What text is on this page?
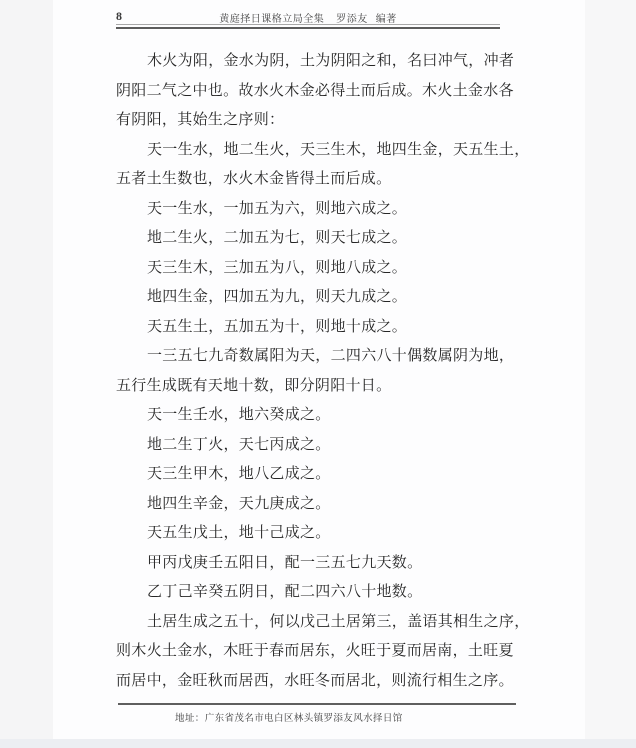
8	黄庭择日课格立局全集 罗添友 编著
木火为阳，金水为阴，土为阴阳之和，名曰冲气，冲者
阴阳二气之中也。故水火木金必得土而后成。木火土金水各
有阴阳，其始生之序则：
天一生水，地二生火，天三生木，地四生金，天五生土，
五者土生数也，水火木金皆得土而后成。
天一生水，一加五为六，则地六成之。
地二生火，二加五为七，则天七成之。
天三生木，三加五为八，则地八成之。
地四生金，四加五为九，则天九成之。
天五生土，五加五为十，则地十成之。
一三五七九奇数属阳为天，二四六八十偶数属阴为地，
五行生成既有天地十数，即分阴阳十日。
天一生壬水，地六癸成之。
地二生丁火，天七丙成之。
天三生甲木，地八乙成之。
地四生辛金，天九庚成之。
天五生戊土，地十己成之。
甲丙戊庚壬五阳日，配一三五七九天数。
乙丁己辛癸五阴日，配二四六八十地数。
土居生成之五十，何以戊己土居第三，盖语其相生之序，
则木火土金水，木旺于春而居东，火旺于夏而居南，土旺夏
而居中，金旺秋而居西，水旺冬而居北，则流行相生之序。
地址：广东省茂名市电白区林头镇罗添友风水择日馆
